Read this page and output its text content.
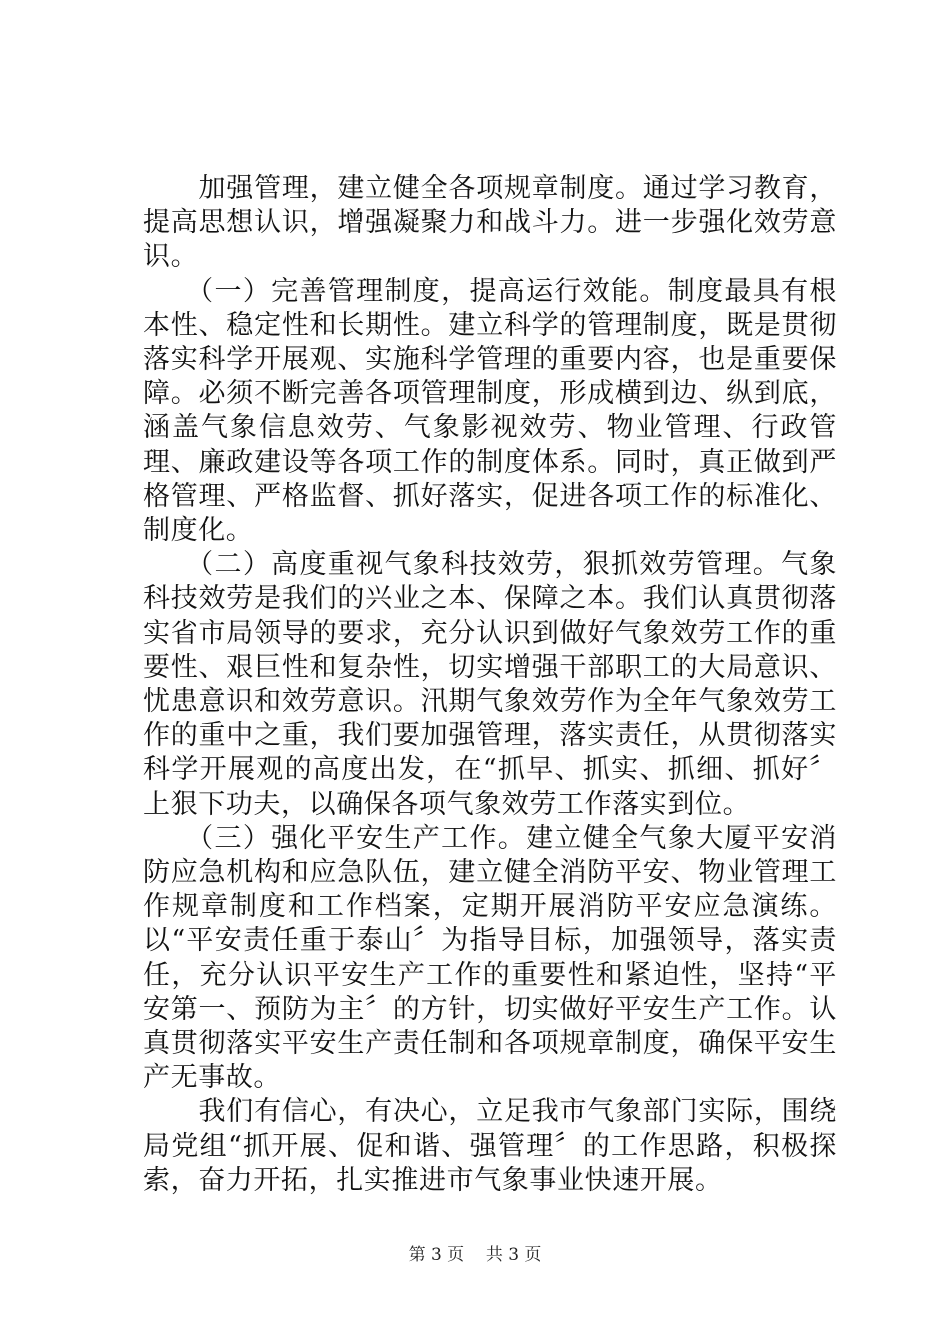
　　加强管理，建立健全各项规章制度。通过学习教育，提高思想认识，增强凝聚力和战斗力。进一步强化效劳意识。

　　（一）完善管理制度，提高运行效能。制度最具有根本性、稳定性和长期性。建立科学的管理制度，既是贯彻落实科学开展观、实施科学管理的重要内容，也是重要保障。必须不断完善各项管理制度，形成横到边、纵到底，涵盖气象信息效劳、气象影视效劳、物业管理、行政管理、廉政建设等各项工作的制度体系。同时，真正做到严格管理、严格监督、抓好落实，促进各项工作的标准化、制度化。

　　（二）高度重视气象科技效劳，狠抓效劳管理。气象科技效劳是我们的兴业之本、保障之本。我们认真贯彻落实省市局领导的要求，充分认识到做好气象效劳工作的重要性、艰巨性和复杂性，切实增强干部职工的大局意识、忧患意识和效劳意识。汛期气象效劳作为全年气象效劳工作的重中之重，我们要加强管理，落实责任，从贯彻落实科学开展观的高度出发，在“抓早、抓实、抓细、抓好〞上狠下功夫，以确保各项气象效劳工作落实到位。

　　（三）强化平安生产工作。建立健全气象大厦平安消防应急机构和应急队伍，建立健全消防平安、物业管理工作规章制度和工作档案，定期开展消防平安应急演练。以“平安责任重于泰山〞为指导目标，加强领导，落实责任，充分认识平安生产工作的重要性和紧迫性，坚持“平安第一、预防为主〞的方针，切实做好平安生产工作。认真贯彻落实平安生产责任制和各项规章制度，确保平安生产无事故。

　　我们有信心，有决心，立足我市气象部门实际，围绕局党组“抓开展、促和谐、强管理〞的工作思路，积极探索，奋力开拓，扎实推进市气象事业快速开展。

第 3 页 共 3 页
